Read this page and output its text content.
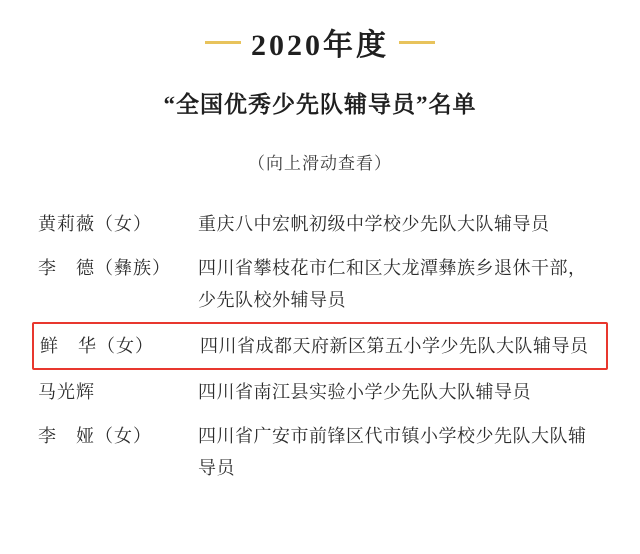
2020年度
“全国优秀少先队辅导员”名单
（向上滑动查看）
黄莉薇（女）	重庆八中宏帆初级中学校少先队大队辅导员
李　德（彝族）	四川省攀枝花市仁和区大龙潭彝族乡退休干部，少先队校外辅导员
鲜　华（女）	四川省成都天府新区第五小学少先队大队辅导员
马光辉	四川省南江县实验小学少先队大队辅导员
李　娅（女）	四川省广安市前锋区代市镇小学校少先队大队辅导员
